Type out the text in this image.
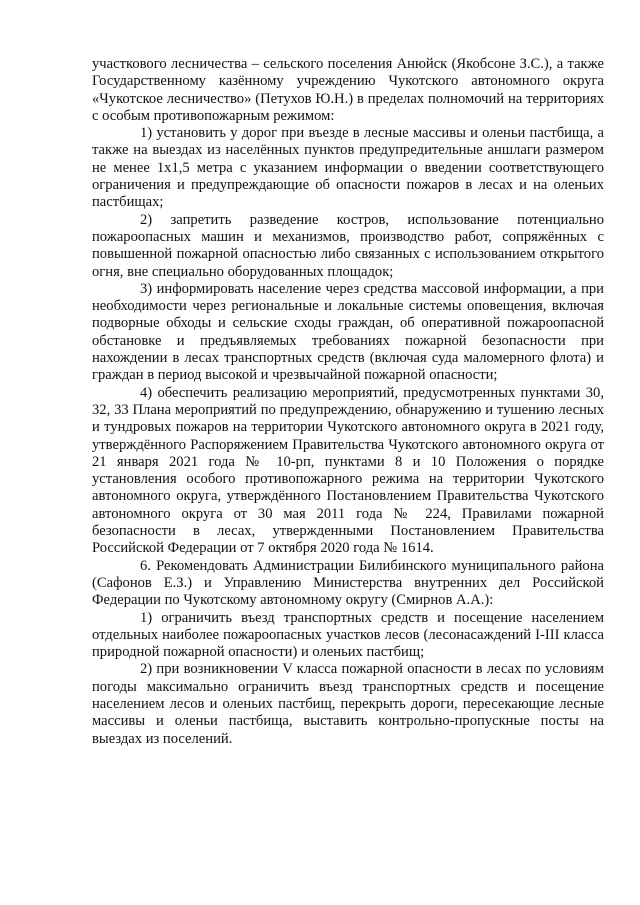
участкового лесничества – сельского поселения Анюйск (Якобсоне З.С.), а также Государственному казённому учреждению Чукотского автономного округа «Чукотское лесничество» (Петухов Ю.Н.) в пределах полномочий на территориях с особым противопожарным режимом:

1) установить у дорог при въезде в лесные массивы и оленьи пастбища, а также на выездах из населённых пунктов предупредительные аншлаги размером не менее 1х1,5 метра с указанием информации о введении соответствующего ограничения и предупреждающие об опасности пожаров в лесах и на оленьих пастбищах;

2) запретить разведение костров, использование потенциально пожароопасных машин и механизмов, производство работ, сопряжённых с повышенной пожарной опасностью либо связанных с использованием открытого огня, вне специально оборудованных площадок;

3) информировать население через средства массовой информации, а при необходимости через региональные и локальные системы оповещения, включая подворные обходы и сельские сходы граждан, об оперативной пожароопасной обстановке и предъявляемых требованиях пожарной безопасности при нахождении в лесах транспортных средств (включая суда маломерного флота) и граждан в период высокой и чрезвычайной пожарной опасности;

4) обеспечить реализацию мероприятий, предусмотренных пунктами 30, 32, 33 Плана мероприятий по предупреждению, обнаружению и тушению лесных и тундровых пожаров на территории Чукотского автономного округа в 2021 году, утверждённого Распоряжением Правительства Чукотского автономного округа от 21 января 2021 года № 10-рп, пунктами 8 и 10 Положения о порядке установления особого противопожарного режима на территории Чукотского автономного округа, утверждённого Постановлением Правительства Чукотского автономного округа от 30 мая 2011 года № 224, Правилами пожарной безопасности в лесах, утвержденными Постановлением Правительства Российской Федерации от 7 октября 2020 года № 1614.

6. Рекомендовать Администрации Билибинского муниципального района (Сафонов Е.З.) и Управлению Министерства внутренних дел Российской Федерации по Чукотскому автономному округу (Смирнов А.А.):

1) ограничить въезд транспортных средств и посещение населением отдельных наиболее пожароопасных участков лесов (лесонасаждений I-III класса природной пожарной опасности) и оленьих пастбищ;

2) при возникновении V класса пожарной опасности в лесах по условиям погоды максимально ограничить въезд транспортных средств и посещение населением лесов и оленьих пастбищ, перекрыть дороги, пересекающие лесные массивы и оленьи пастбища, выставить контрольно-пропускные посты на выездах из поселений.
